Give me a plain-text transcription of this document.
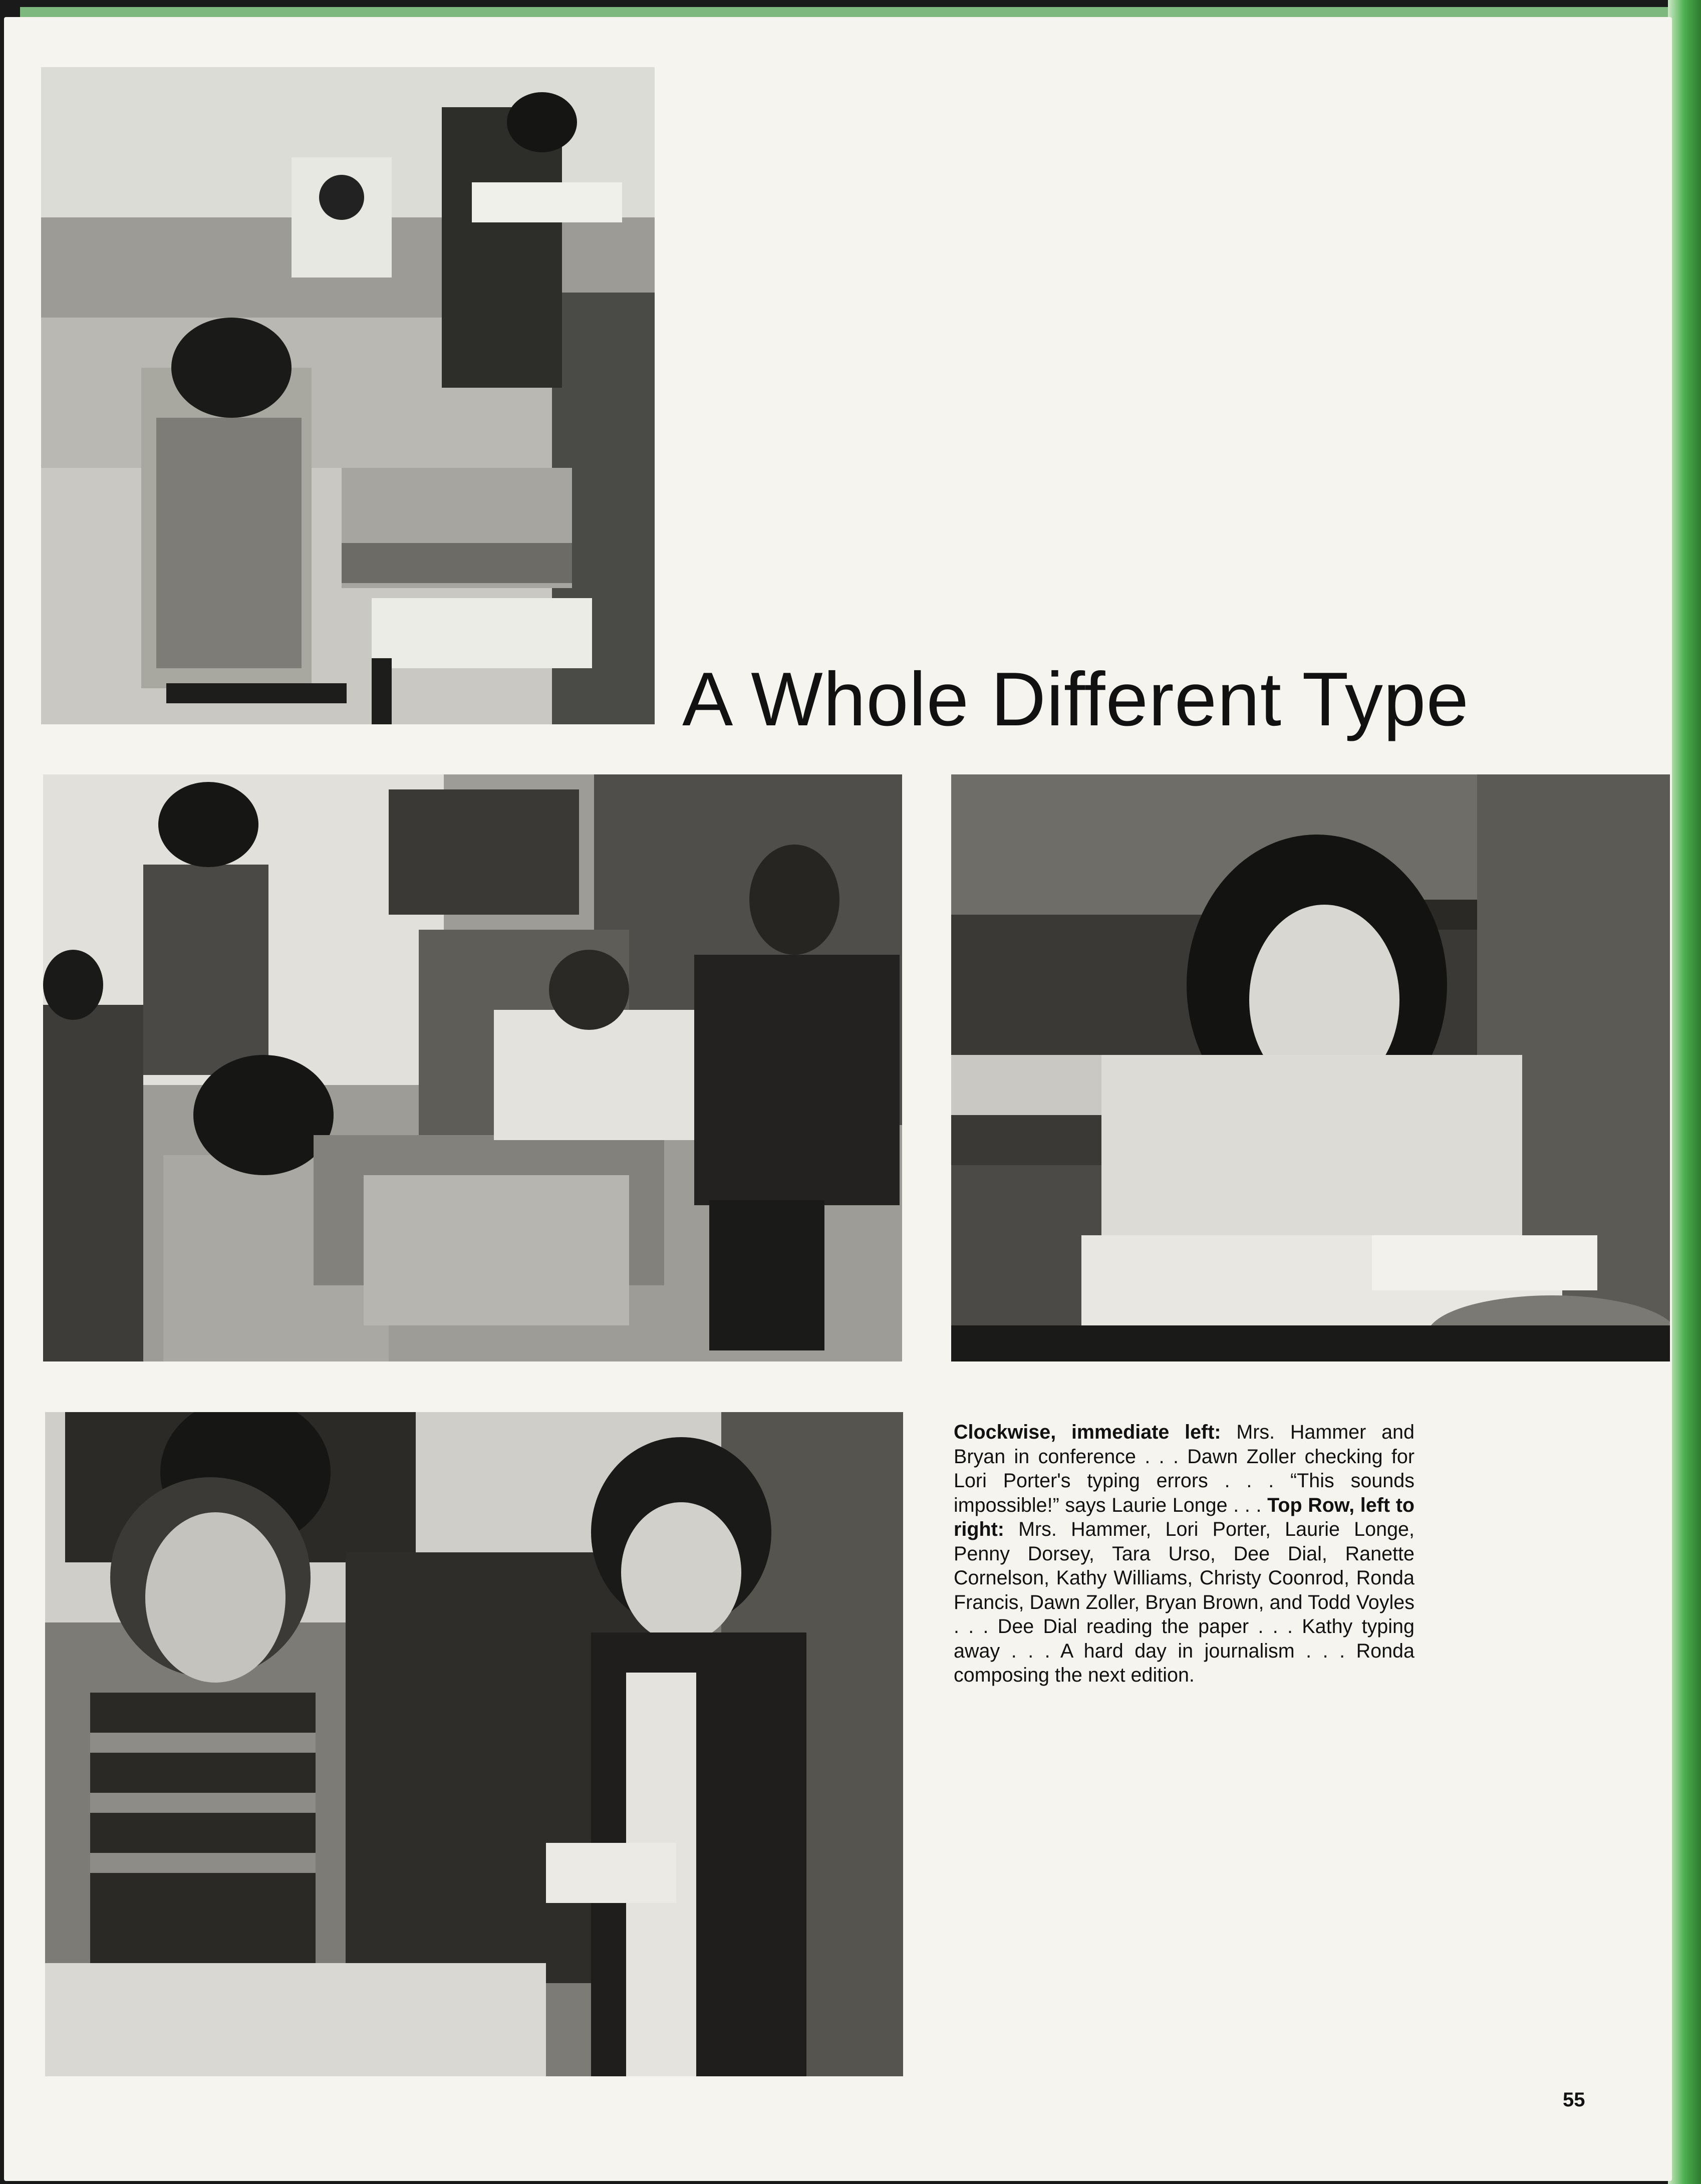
A Whole Different Type
Clockwise, immediate left: Mrs. Hammer and Bryan in conference . . . Dawn Zoller checking for Lori Porter's typing errors . . . “This sounds impossible!” says Laurie Longe . . . Top Row, left to right: Mrs. Hammer, Lori Porter, Laurie Longe, Penny Dorsey, Tara Urso, Dee Dial, Ranette Cornelson, Kathy Williams, Christy Coonrod, Ronda Francis, Dawn Zoller, Bryan Brown, and Todd Voyles . . . Dee Dial reading the paper . . . Kathy typing away . . . A hard day in journalism . . . Ronda composing the next edition.
55
